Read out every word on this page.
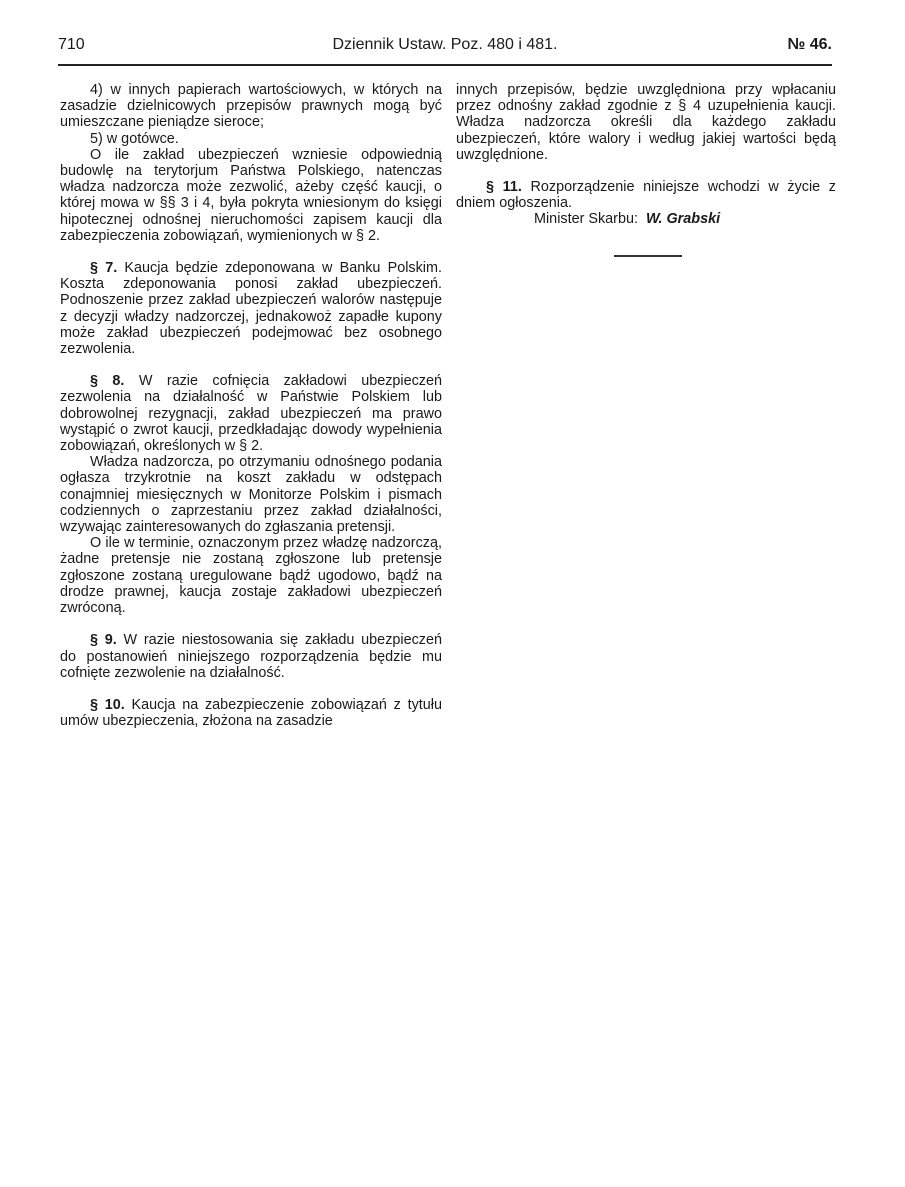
710	Dziennik Ustaw. Poz. 480 i 481.	№ 46.

4) w innych papierach wartościowych, w których na zasadzie dzielnicowych przepisów prawnych mogą być umieszczane pieniądze sieroce;

5) w gotówce.

O ile zakład ubezpieczeń wzniesie odpowiednią budowlę na terytorjum Państwa Polskiego, natenczas władza nadzorcza może zezwolić, ażeby część kaucji, o której mowa w §§ 3 i 4, była pokryta wniesionym do księgi hipotecznej odnośnej nieruchomości zapisem kaucji dla zabezpieczenia zobowiązań, wymienionych w § 2.

§ 7. Kaucja będzie zdeponowana w Banku Polskim. Koszta zdeponowania ponosi zakład ubezpieczeń. Podnoszenie przez zakład ubezpieczeń walorów następuje z decyzji władzy nadzorczej, jednakowoż zapadłe kupony może zakład ubezpieczeń podejmować bez osobnego zezwolenia.

§ 8. W razie cofnięcia zakładowi ubezpieczeń zezwolenia na działalność w Państwie Polskiem lub dobrowolnej rezygnacji, zakład ubezpieczeń ma prawo wystąpić o zwrot kaucji, przedkładając dowody wypełnienia zobowiązań, określonych w § 2.

Władza nadzorcza, po otrzymaniu odnośnego podania ogłasza trzykrotnie na koszt zakładu w odstępach conajmniej miesięcznych w Monitorze Polskim i pismach codziennych o zaprzestaniu przez zakład działalności, wzywając zainteresowanych do zgłaszania pretensji.

O ile w terminie, oznaczonym przez władzę nadzorczą, żadne pretensje nie zostaną zgłoszone lub pretensje zgłoszone zostaną uregulowane bądź ugodowo, bądź na drodze prawnej, kaucja zostaje zakładowi ubezpieczeń zwróconą.

§ 9. W razie niestosowania się zakładu ubezpieczeń do postanowień niniejszego rozporządzenia będzie mu cofnięte zezwolenie na działalność.

§ 10. Kaucja na zabezpieczenie zobowiązań z tytułu umów ubezpieczenia, złożona na zasadzie

innych przepisów, będzie uwzględniona przy wpłacaniu przez odnośny zakład zgodnie z § 4 uzupełnienia kaucji. Władza nadzorcza określi dla każdego zakładu ubezpieczeń, które walory i według jakiej wartości będą uwzględnione.

§ 11. Rozporządzenie niniejsze wchodzi w życie z dniem ogłoszenia.

Minister Skarbu: W. Grabski
